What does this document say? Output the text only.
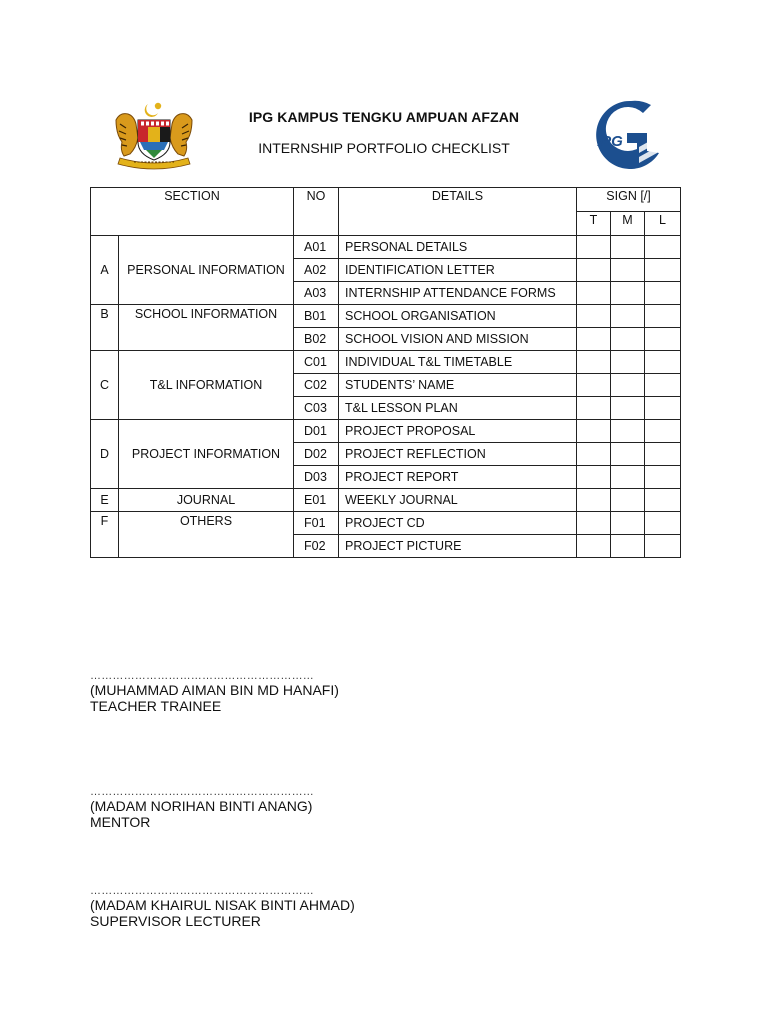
IPG KAMPUS TENGKU AMPUAN AFZAN
INTERNSHIP PORTFOLIO CHECKLIST	iPG
SECTION		NO	DETAILS	SIGN [/]		
				T	M	L
A	PERSONAL INFORMATION	A01	PERSONAL DETAILS			
		A02	IDENTIFICATION LETTER			
		A03	INTERNSHIP ATTENDANCE FORMS			
B	SCHOOL INFORMATION	B01	SCHOOL ORGANISATION			
		B02	SCHOOL VISION AND MISSION			
C	T&L INFORMATION	C01	INDIVIDUAL T&L TIMETABLE			
		C02	STUDENTS’ NAME			
		C03	T&L LESSON PLAN			
D	PROJECT INFORMATION	D01	PROJECT PROPOSAL			
		D02	PROJECT REFLECTION			
		D03	PROJECT REPORT			
E	JOURNAL	E01	WEEKLY JOURNAL			
F	OTHERS	F01	PROJECT CD			
		F02	PROJECT PICTURE			
……………………………………………………
(MUHAMMAD AIMAN BIN MD HANAFI)
TEACHER TRAINEE
……………………………………………………
(MADAM NORIHAN BINTI ANANG)
MENTOR
……………………………………………………
(MADAM KHAIRUL NISAK BINTI AHMAD)
SUPERVISOR LECTURER
